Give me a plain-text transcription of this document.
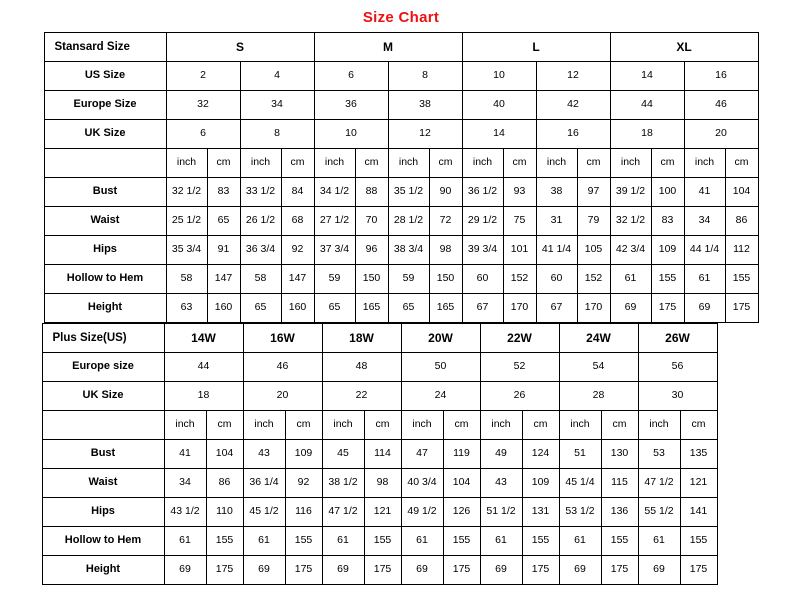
Size Chart
Stansard Size	S				M				L				XL			
US Size	2		4		6		8		10		12		14		16	
Europe Size	32		34		36		38		40		42		44		46	
UK Size	6		8		10		12		14		16		18		20	
	inch	cm	inch	cm	inch	cm	inch	cm	inch	cm	inch	cm	inch	cm	inch	cm
Bust	32 1/2	83	33 1/2	84	34 1/2	88	35 1/2	90	36 1/2	93	38	97	39 1/2	100	41	104
Waist	25 1/2	65	26 1/2	68	27 1/2	70	28 1/2	72	29 1/2	75	31	79	32 1/2	83	34	86
Hips	35 3/4	91	36 3/4	92	37 3/4	96	38 3/4	98	39 3/4	101	41 1/4	105	42 3/4	109	44 1/4	112
Hollow to Hem	58	147	58	147	59	150	59	150	60	152	60	152	61	155	61	155
Height	63	160	65	160	65	165	65	165	67	170	67	170	69	175	69	175
Plus Size(US)	14W		16W		18W		20W		22W		24W		26W		
Europe size	44		46		48		50		52		54		56		
UK Size	18		20		22		24		26		28		30		
	inch	cm	inch	cm	inch	cm	inch	cm	inch	cm	inch	cm	inch	cm	
Bust	41	104	43	109	45	114	47	119	49	124	51	130	53	135	
Waist	34	86	36 1/4	92	38 1/2	98	40 3/4	104	43	109	45 1/4	115	47 1/2	121	
Hips	43 1/2	110	45 1/2	116	47 1/2	121	49 1/2	126	51 1/2	131	53 1/2	136	55 1/2	141	
Hollow to Hem	61	155	61	155	61	155	61	155	61	155	61	155	61	155	
Height	69	175	69	175	69	175	69	175	69	175	69	175	69	175	
